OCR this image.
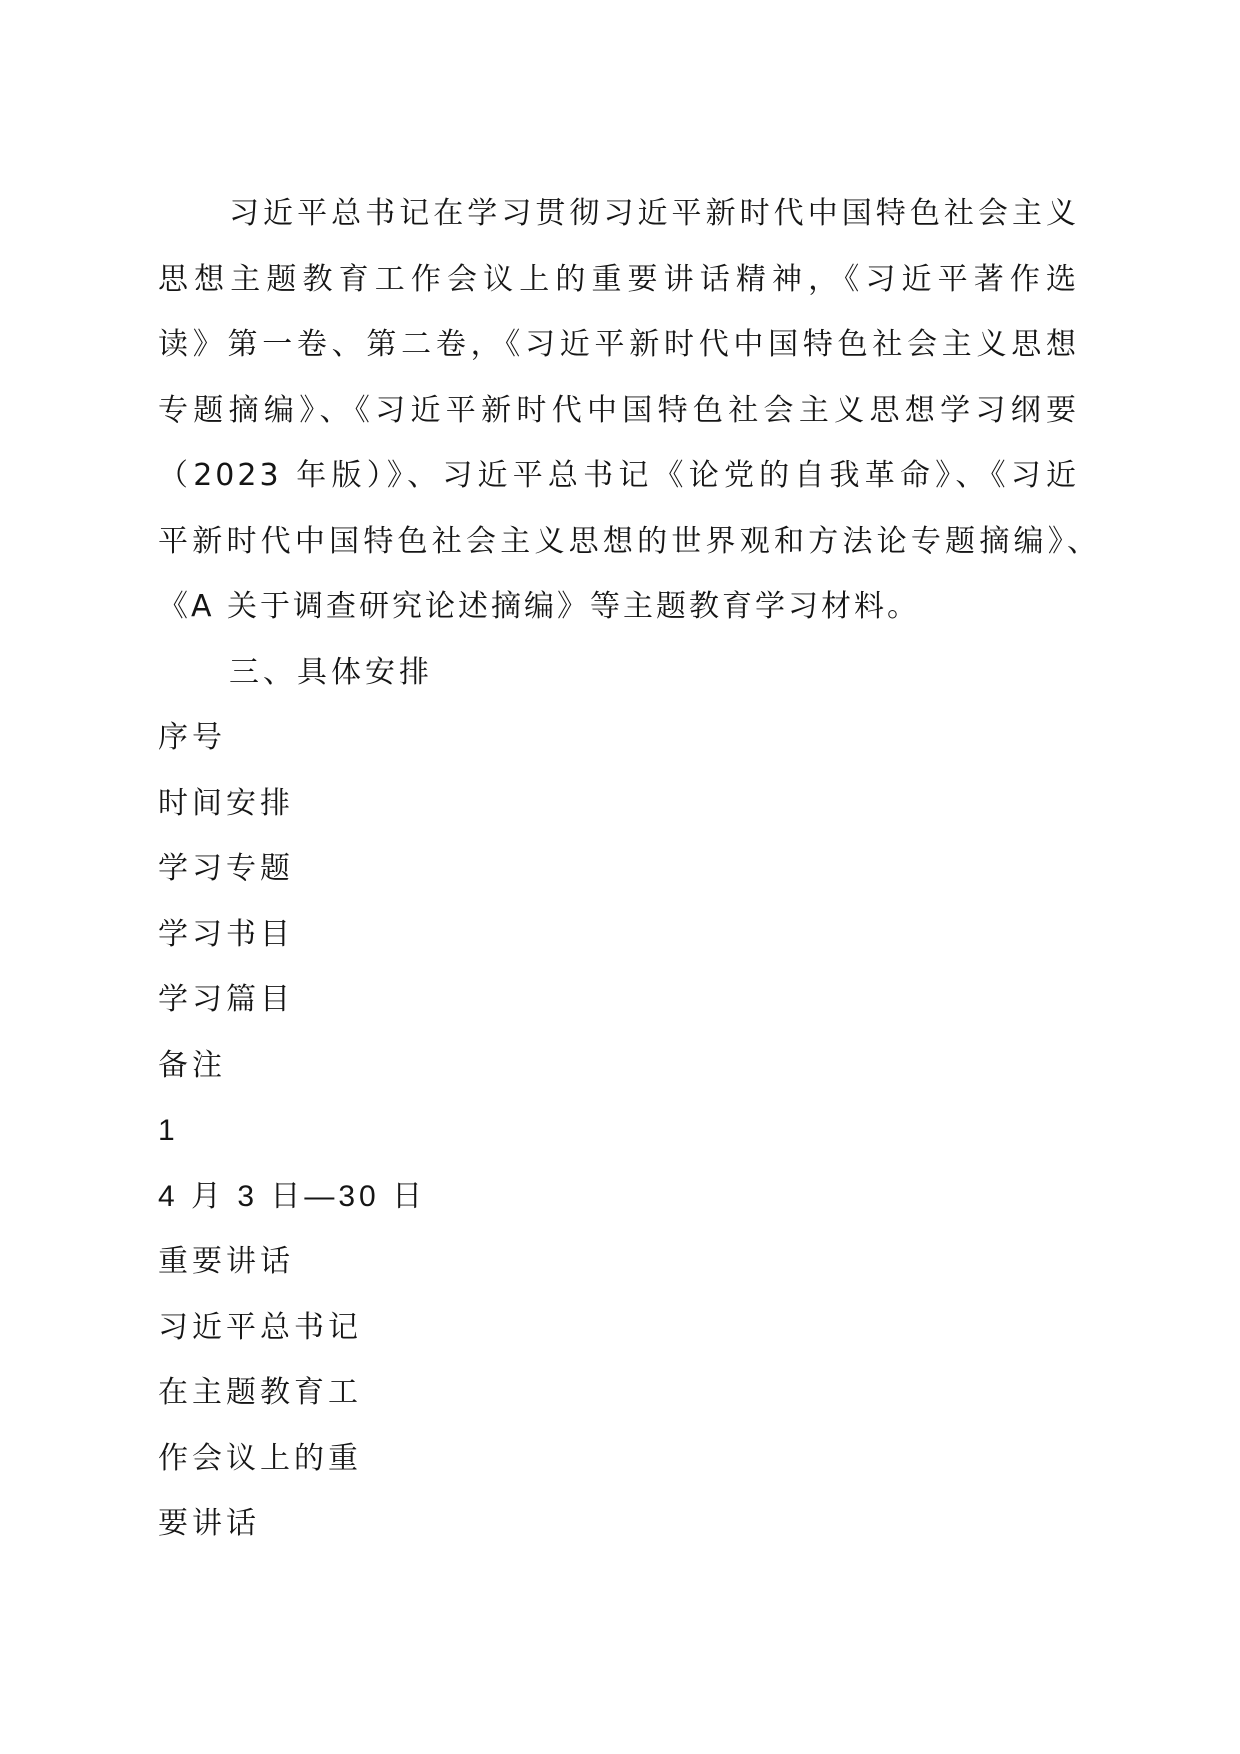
习近平总书记在学习贯彻习近平新时代中国特色社会主义
思想主题教育工作会议上的重要讲话精神，《习近平著作选
读》第一卷、第二卷，《习近平新时代中国特色社会主义思想
专题摘编》、《习近平新时代中国特色社会主义思想学习纲要
（2023 年版）》、习近平总书记《论党的自我革命》、《习近
平新时代中国特色社会主义思想的世界观和方法论专题摘编》、
《A 关于调查研究论述摘编》等主题教育学习材料。
三、具体安排
序号
时间安排
学习专题
学习书目
学习篇目
备注
1
4 月 3 日—30 日
重要讲话
习近平总书记
在主题教育工
作会议上的重
要讲话
